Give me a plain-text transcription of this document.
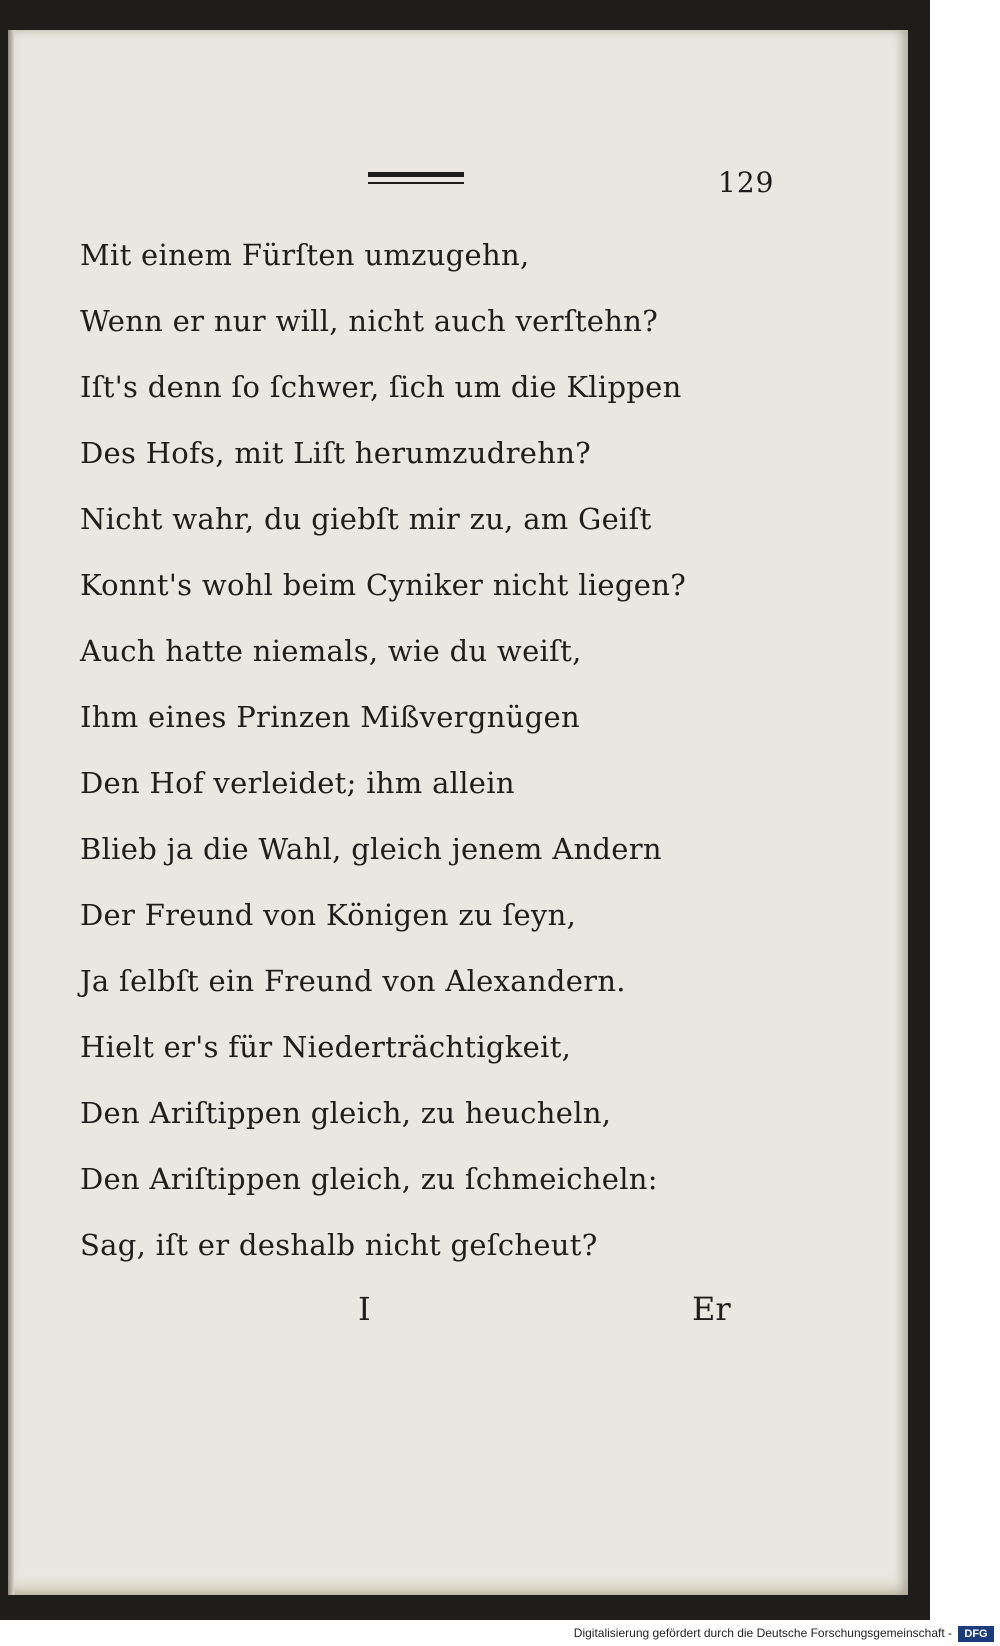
129
Mit einem Fürſten umzugehn,
Wenn er nur will, nicht auch verſtehn?
Iſt's denn ſo ſchwer, ſich um die Klippen
Des Hofs, mit Liſt herumzudrehn?
Nicht wahr, du giebſt mir zu, am Geiſt
Konnt's wohl beim Cyniker nicht liegen?
Auch hatte niemals, wie du weiſt,
Ihm eines Prinzen Mißvergnügen
Den Hof verleidet; ihm allein
Blieb ja die Wahl, gleich jenem Andern
Der Freund von Königen zu ſeyn,
Ja ſelbſt ein Freund von Alexandern.
Hielt er's für Niederträchtigkeit,
Den Ariſtippen gleich, zu heucheln,
Den Ariſtippen gleich, zu ſchmeicheln:
Sag, iſt er deshalb nicht geſcheut?
I	Er
Digitalisierung gefördert durch die Deutsche Forschungsgemeinschaft -	DFG
